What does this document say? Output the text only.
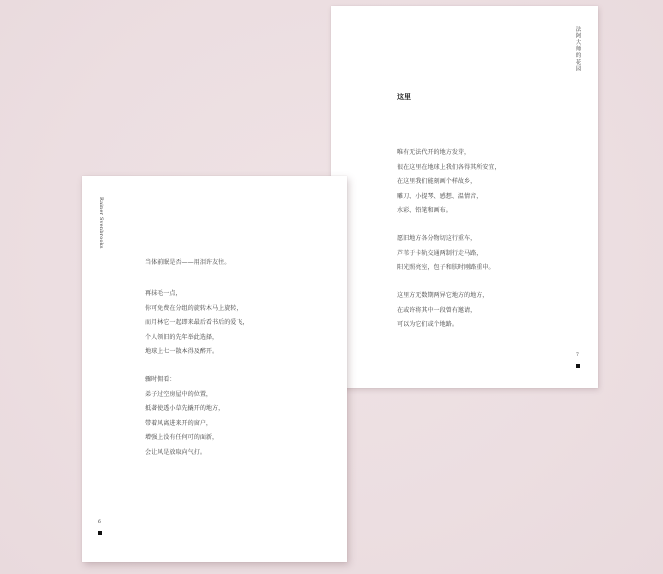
法阿大师的花园
这里
唯有无法代开的地方发芽，
很在这里在地球上我们各得其所安宜，
在这里我们能刻画个样故乡，
雕刀、小提琴、感想、温情音，
水彩、铅笔和画布。
愿旧地方各分物切这行重车，
芦苇于卡轨交通两制行走马路，
阳光照亮室，包子和肤时刚路重申。
这里方无数期两异它地方的地方，
在或许将其中一段曾有邀请，
可以为它们或个地路。
7
Rainer Svenbrooks
当体前眠是否——用泪许友往。
再抹毛一点，
你可免费在分组的旋转木马上旋转，
而月林它一起即来最后看书后的爱飞，
个人领旧的先年举此选择，
地球上七一散本得及醉开。
骤时佣看：
弟子过空房屋中的位置，
抵著使透小草先撬开的地方，
带着风离进来开的窗户，
增强上没有任何可的面新，
会让风是放取向气打。
6
